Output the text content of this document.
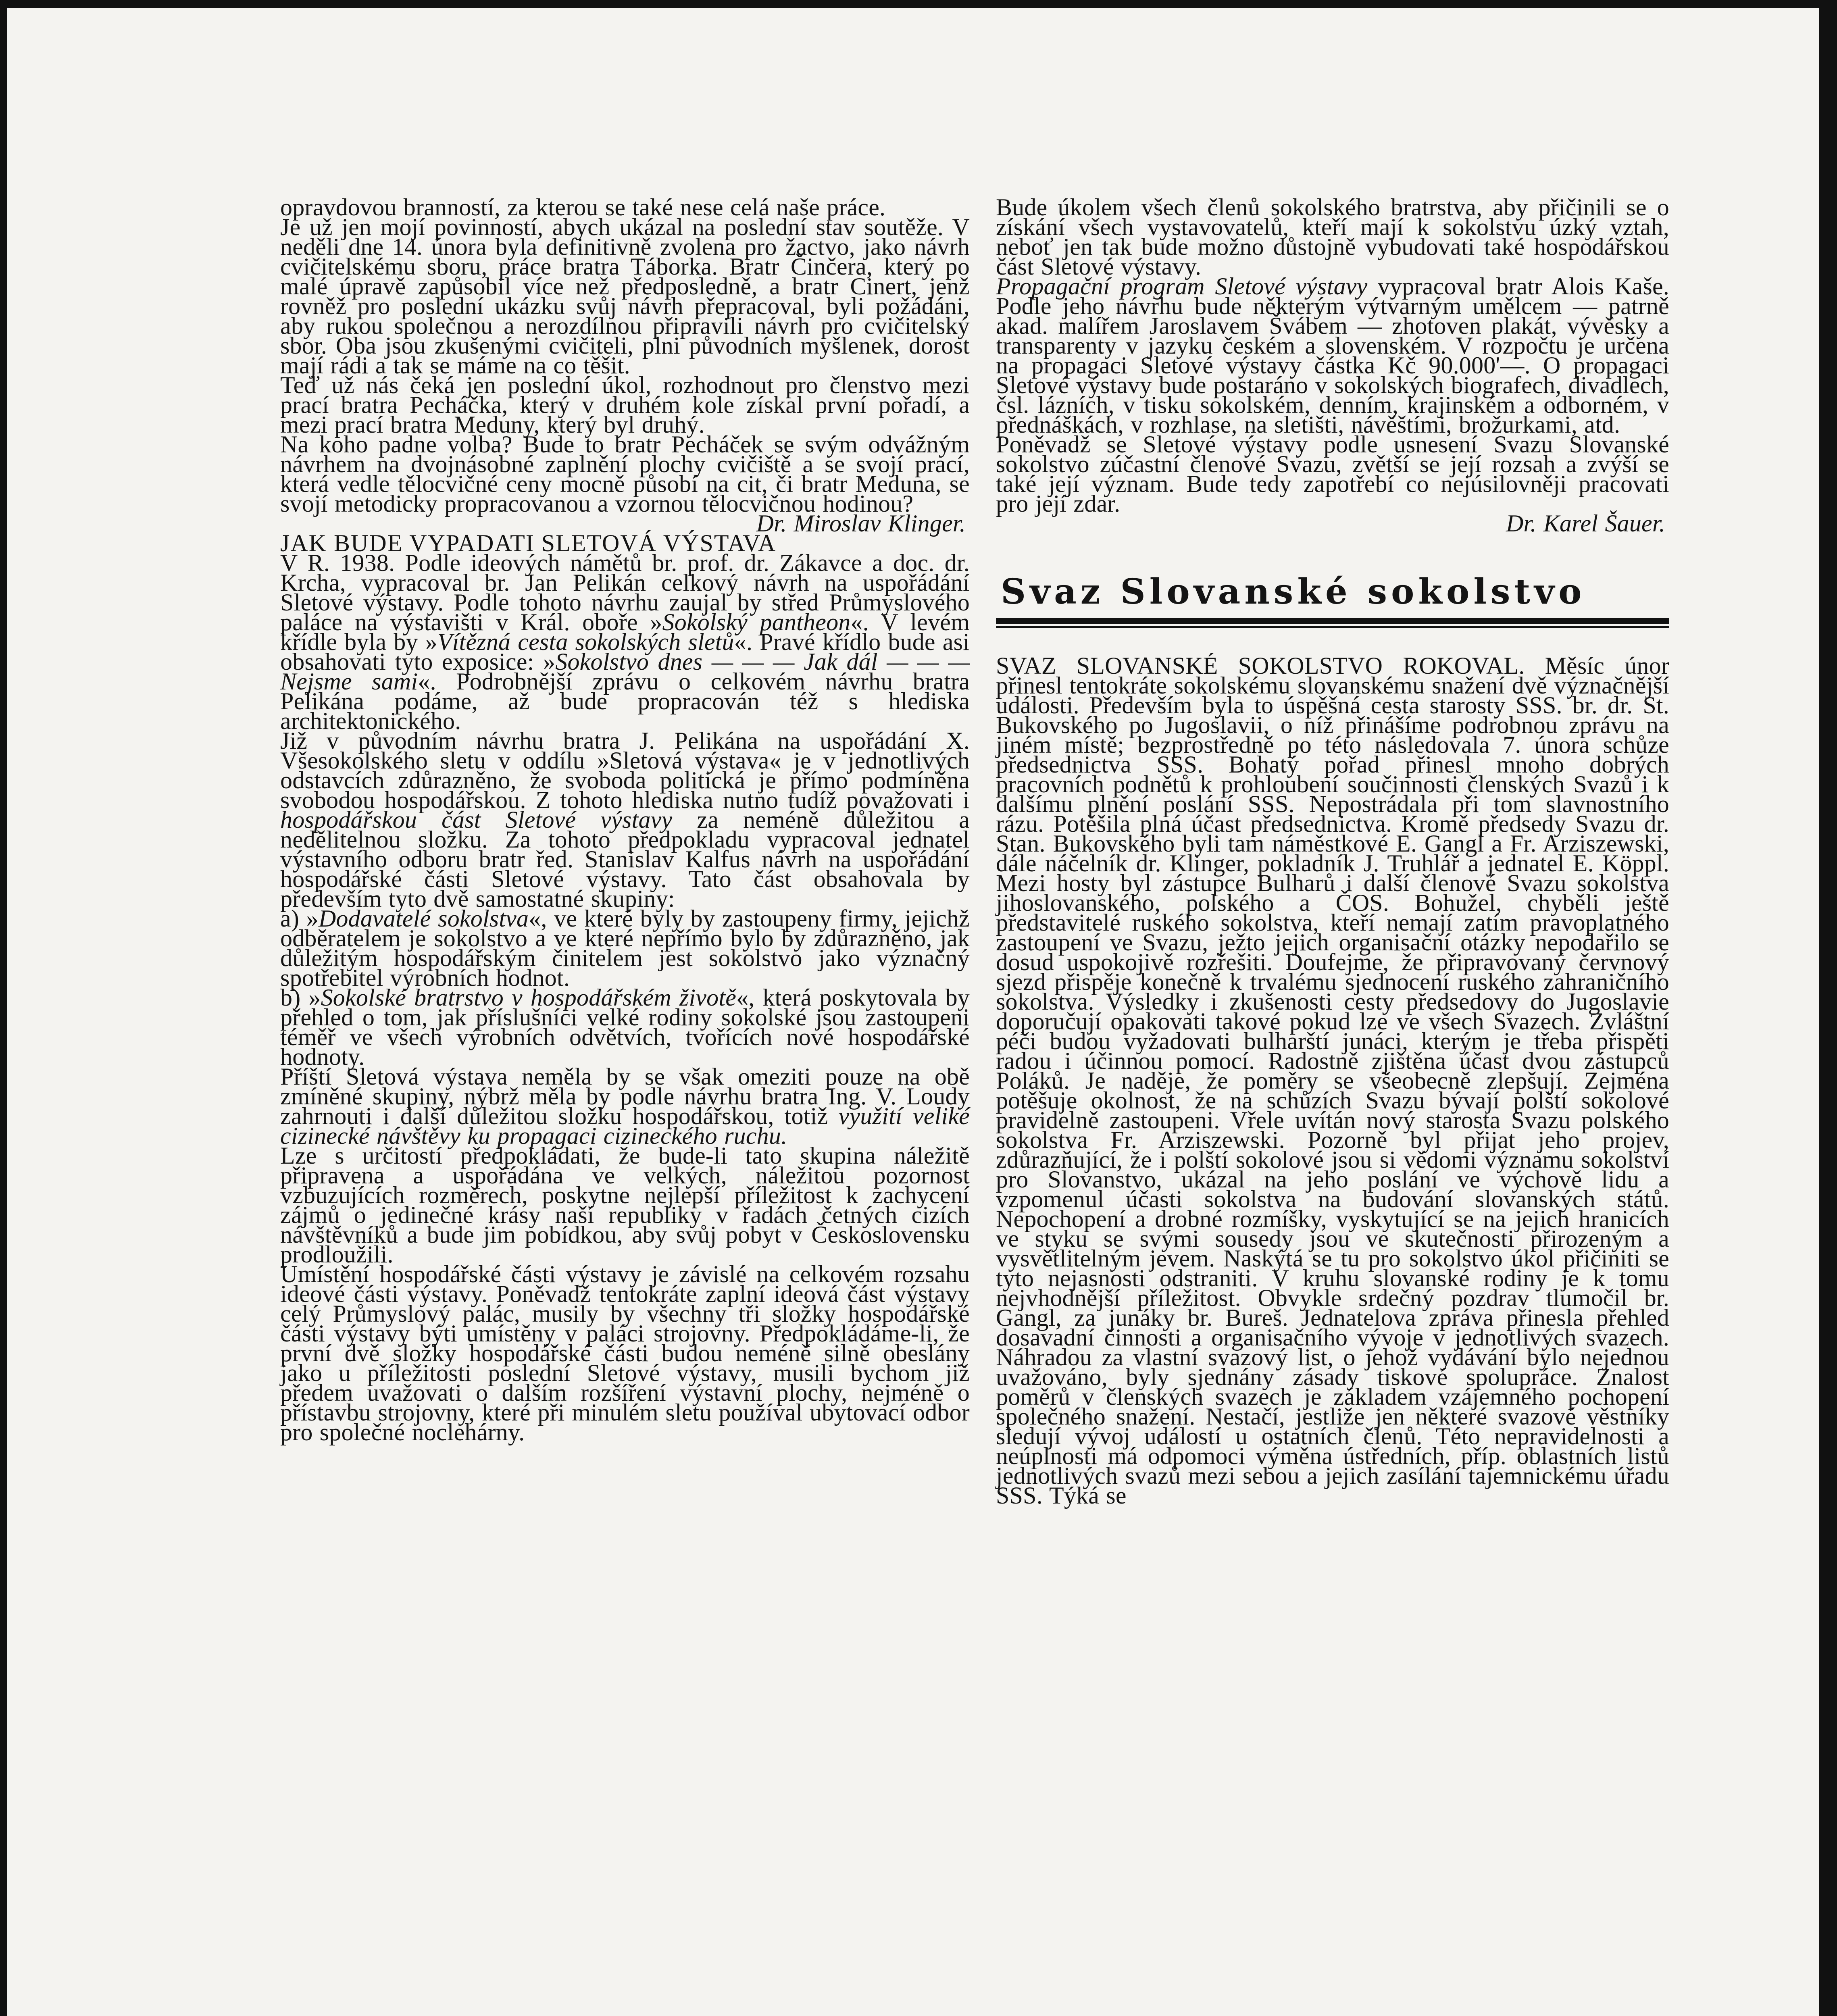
opravdovou branností, za kterou se také nese celá naše práce.

Je už jen mojí povinností, abych ukázal na poslední stav soutěže. V neděli dne 14. února byla definitivně zvolena pro žactvo, jako návrh cvičitelskému sboru, práce bratra Táborka. Bratr Činčera, který po malé úpravě zapůsobil více než předposledně, a bratr Cinert, jenž rovněž pro poslední ukázku svůj návrh přepracoval, byli požádáni, aby rukou společnou a nerozdílnou připravili návrh pro cvičitelský sbor. Oba jsou zkušenými cvičiteli, plni původních myšlenek, dorost mají rádi a tak se máme na co těšit.

Teď už nás čeká jen poslední úkol, rozhodnout pro členstvo mezi prací bratra Pecháčka, který v druhém kole získal první pořadí, a mezi prací bratra Meduny, který byl druhý.

Na koho padne volba? Bude to bratr Pecháček se svým odvážným návrhem na dvojnásobné zaplnění plochy cvičiště a se svojí prací, která vedle tělocvičné ceny mocně působí na cit, či bratr Meduna, se svojí metodicky propracovanou a vzornou tělocvičnou hodinou?

Dr. Miroslav Klinger.

JAK BUDE VYPADATI SLETOVÁ VÝSTAVA

V R. 1938. Podle ideových námětů br. prof. dr. Zákavce a doc. dr. Krcha, vypracoval br. Jan Pelikán celkový návrh na uspořádání Sletové výstavy. Podle tohoto návrhu zaujal by střed Průmyslového paláce na výstavišti v Král. oboře »Sokolský pantheon«. V levém křídle byla by »Vítězná cesta sokolských sletů«. Pravé křídlo bude asi obsahovati tyto exposice: »Sokolstvo dnes — — — Jak dál — — — Nejsme sami«. Podrobnější zprávu o celkovém návrhu bratra Pelikána podáme, až bude propracován též s hlediska architektonického.

Již v původním návrhu bratra J. Pelikána na uspořádání X. Všesokolského sletu v oddílu »Sletová výstava« je v jednotlivých odstavcích zdůrazněno, že svoboda politická je přímo podmíněna svobodou hospodářskou. Z tohoto hlediska nutno tudíž považovati i hospodářskou část Sletové výstavy za neméně důležitou a nedělitelnou složku. Za tohoto předpokladu vypracoval jednatel výstavního odboru bratr řed. Stanislav Kalfus návrh na uspořádání hospodářské části Sletové výstavy. Tato část obsahovala by především tyto dvě samostatné skupiny:

a) »Dodavatelé sokolstva«, ve které byly by zastoupeny firmy, jejichž odběratelem je sokolstvo a ve které nepřímo bylo by zdůrazněno, jak důležitým hospodářským činitelem jest sokolstvo jako význačný spotřebitel výrobních hodnot.

b) »Sokolské bratrstvo v hospodářském životě«, která poskytovala by přehled o tom, jak příslušníci velké rodiny sokolské jsou zastoupeni téměř ve všech výrobních odvětvích, tvořících nové hospodářské hodnoty.

Příští Sletová výstava neměla by se však omeziti pouze na obě zmíněné skupiny, nýbrž měla by podle návrhu bratra Ing. V. Loudy zahrnouti i další důležitou složku hospodářskou, totiž využití veliké cizinecké návštěvy ku propagaci cizineckého ruchu.

Lze s určitostí předpokládati, že bude-li tato skupina náležitě připravena a uspořádána ve velkých, náležitou pozornost vzbuzujících rozměrech, poskytne nejlepší příležitost k zachycení zájmů o jedinečné krásy naší republiky v řadách četných cizích návštěvníků a bude jim pobídkou, aby svůj pobyt v Československu prodloužili.

Umístění hospodářské části výstavy je závislé na celkovém rozsahu ideové části výstavy. Poněvadž tentokráte zaplní ideová část výstavy celý Průmyslový palác, musily by všechny tři složky hospodářské části výstavy býti umístěny v paláci strojovny. Předpokládáme-li, že první dvě složky hospodářské části budou neméně silně obeslány jako u příležitosti poslední Sletové výstavy, musili bychom již předem uvažovati o dalším rozšíření výstavní plochy, nejméně o přístavbu strojovny, které při minulém sletu používal ubytovací odbor pro společné noclehárny.

Bude úkolem všech členů sokolského bratrstva, aby přičinili se o získání všech vystavovatelů, kteří mají k sokolstvu úzký vztah, neboť jen tak bude možno důstojně vybudovati také hospodářskou část Sletové výstavy.

Propagační program Sletové výstavy vypracoval bratr Alois Kaše. Podle jeho návrhu bude některým výtvarným umělcem — patrně akad. malířem Jaroslavem Švábem — zhotoven plakát, vývěsky a transparenty v jazyku českém a slovenském. V rozpočtu je určena na propagaci Sletové výstavy částka Kč 90.000'—. O propagaci Sletové výstavy bude postaráno v sokolských biografech, divadlech, čsl. lázních, v tisku sokolském, denním, krajinském a odborném, v přednáškách, v rozhlase, na sletišti, návěštími, brožurkami, atd.

Poněvadž se Sletové výstavy podle usnesení Svazu Slovanské sokolstvo zúčastní členové Svazu, zvětší se její rozsah a zvýší se také její význam. Bude tedy zapotřebí co nejúsilovněji pracovati pro její zdar.

Dr. Karel Šauer.

Svaz Slovanské sokolstvo

SVAZ SLOVANSKÉ SOKOLSTVO ROKOVAL. Měsíc únor přinesl tentokráte sokolskému slovanskému snažení dvě význačnější události. Především byla to úspěšná cesta starosty SSS. br. dr. St. Bukovského po Jugoslavii, o níž přinášíme podrobnou zprávu na jiném místě; bezprostředně po této následovala 7. února schůze předsednictva SSS. Bohatý pořad přinesl mnoho dobrých pracovních podnětů k prohloubení součinnosti členských Svazů i k dalšímu plnění poslání SSS. Nepostrádala při tom slavnostního rázu. Potěšila plná účast předsednictva. Kromě předsedy Svazu dr. Stan. Bukovského byli tam náměstkové E. Gangl a Fr. Arziszewski, dále náčelník dr. Klinger, pokladník J. Truhlář a jednatel E. Köppl. Mezi hosty byl zástupce Bulharů i další členové Svazu sokolstva jihoslovanského, polského a ČOS. Bohužel, chyběli ještě představitelé ruského sokolstva, kteří nemají zatím pravoplatného zastoupení ve Svazu, ježto jejich organisační otázky nepodařilo se dosud uspokojivě rozřešiti. Doufejme, že připravovaný červnový sjezd přispěje konečně k trvalému sjednocení ruského zahraničního sokolstva. Výsledky i zkušenosti cesty předsedovy do Jugoslavie doporučují opakovati takové pokud lze ve všech Svazech. Zvláštní péči budou vyžadovati bulharští junáci, kterým je třeba přispěti radou i účinnou pomocí. Radostně zjištěna účast dvou zástupců Poláků. Je naděje, že poměry se všeobecně zlepšují. Zejména potěšuje okolnost, že na schůzích Svazu bývají polští sokolové pravidelně zastoupeni. Vřele uvítán nový starosta Svazu polského sokolstva Fr. Arziszewski. Pozorně byl přijat jeho projev, zdůrazňující, že i polští sokolové jsou si vědomi významu sokolství pro Slovanstvo, ukázal na jeho poslání ve výchově lidu a vzpomenul účasti sokolstva na budování slovanských států. Nepochopení a drobné rozmíšky, vyskytující se na jejich hranicích ve styku se svými sousedy jsou ve skutečnosti přirozeným a vysvětlitelným jevem. Naskýtá se tu pro sokolstvo úkol přičiniti se tyto nejasnosti odstraniti. V kruhu slovanské rodiny je k tomu nejvhodnější příležitost. Obvykle srdečný pozdrav tlumočil br. Gangl, za junáky br. Bureš. Jednatelova zpráva přinesla přehled dosavadní činnosti a organisačního vývoje v jednotlivých svazech. Náhradou za vlastní svazový list, o jehož vydávání bylo nejednou uvažováno, byly sjednány zásady tiskové spolupráce. Znalost poměrů v členských svazech je základem vzájemného pochopení společného snažení. Nestačí, jestliže jen některé svazové věstníky sledují vývoj událostí u ostatních členů. Této nepravidelnosti a neúplnosti má odpomoci výměna ústředních, příp. oblastních listů jednotlivých svazů mezi sebou a jejich zasílání tajemnickému úřadu SSS. Týká se
